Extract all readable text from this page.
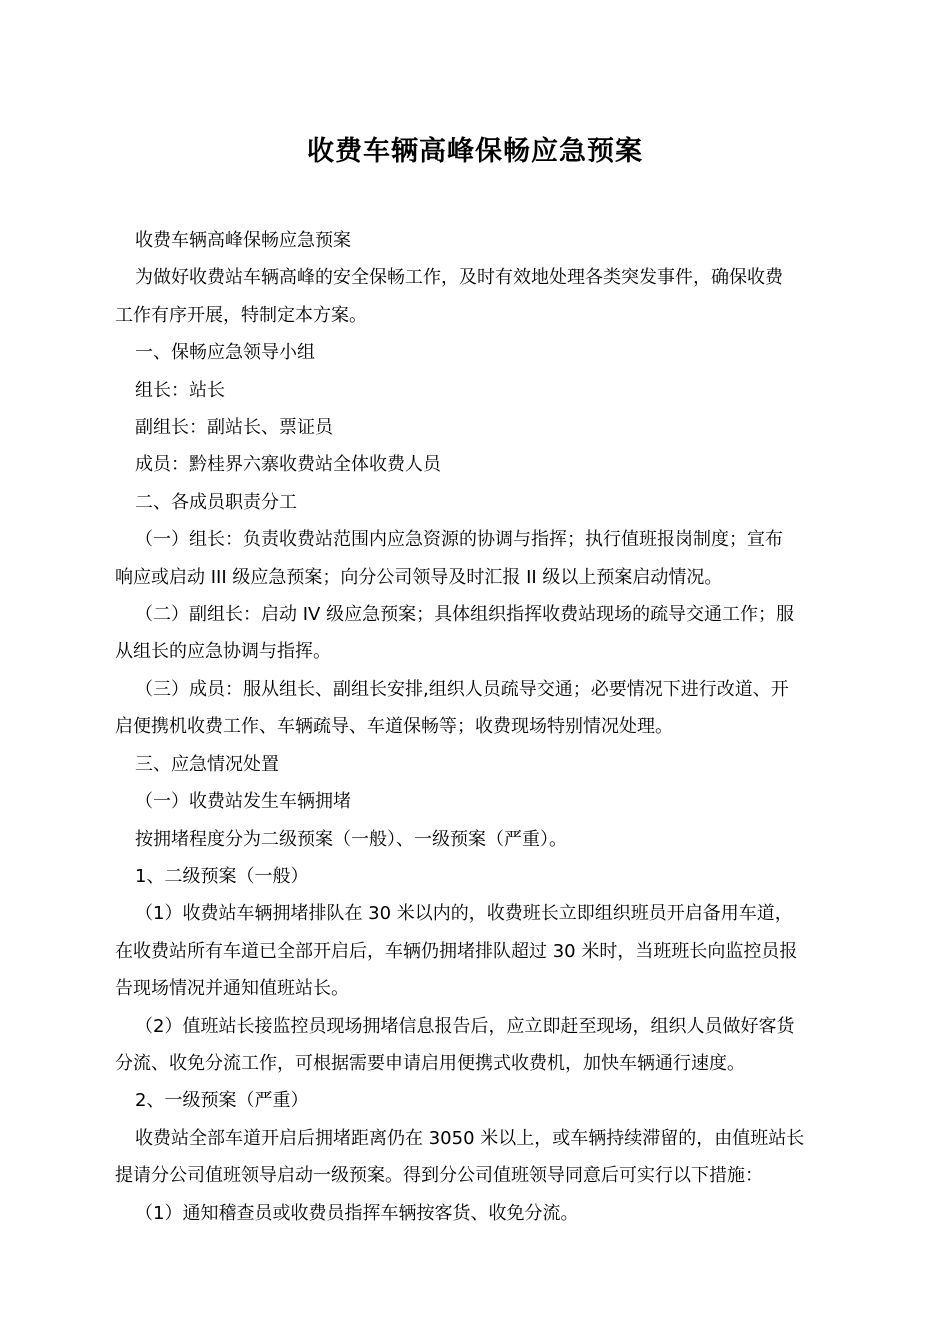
收费车辆高峰保畅应急预案

收费车辆高峰保畅应急预案

为做好收费站车辆高峰的安全保畅工作，及时有效地处理各类突发事件，确保收费

工作有序开展，特制定本方案。

一、保畅应急领导小组

组长：站长

副组长：副站长、票证员

成员：黔桂界六寨收费站全体收费人员

二、各成员职责分工

（一）组长：负责收费站范围内应急资源的协调与指挥；执行值班报岗制度；宣布

响应或启动 III 级应急预案；向分公司领导及时汇报 II 级以上预案启动情况。

（二）副组长：启动 IV 级应急预案；具体组织指挥收费站现场的疏导交通工作；服

从组长的应急协调与指挥。

（三）成员：服从组长、副组长安排,组织人员疏导交通；必要情况下进行改道、开

启便携机收费工作、车辆疏导、车道保畅等；收费现场特别情况处理。

三、应急情况处置

（一）收费站发生车辆拥堵

按拥堵程度分为二级预案（一般）、一级预案（严重）。

1、二级预案（一般）

（1）收费站车辆拥堵排队在 30 米以内的，收费班长立即组织班员开启备用车道，

在收费站所有车道已全部开启后，车辆仍拥堵排队超过 30 米时，当班班长向监控员报

告现场情况并通知值班站长。

（2）值班站长接监控员现场拥堵信息报告后，应立即赶至现场，组织人员做好客货

分流、收免分流工作，可根据需要申请启用便携式收费机，加快车辆通行速度。

2、一级预案（严重）

收费站全部车道开启后拥堵距离仍在 3050 米以上，或车辆持续滞留的，由值班站长

提请分公司值班领导启动一级预案。得到分公司值班领导同意后可实行以下措施：

（1）通知稽查员或收费员指挥车辆按客货、收免分流。
